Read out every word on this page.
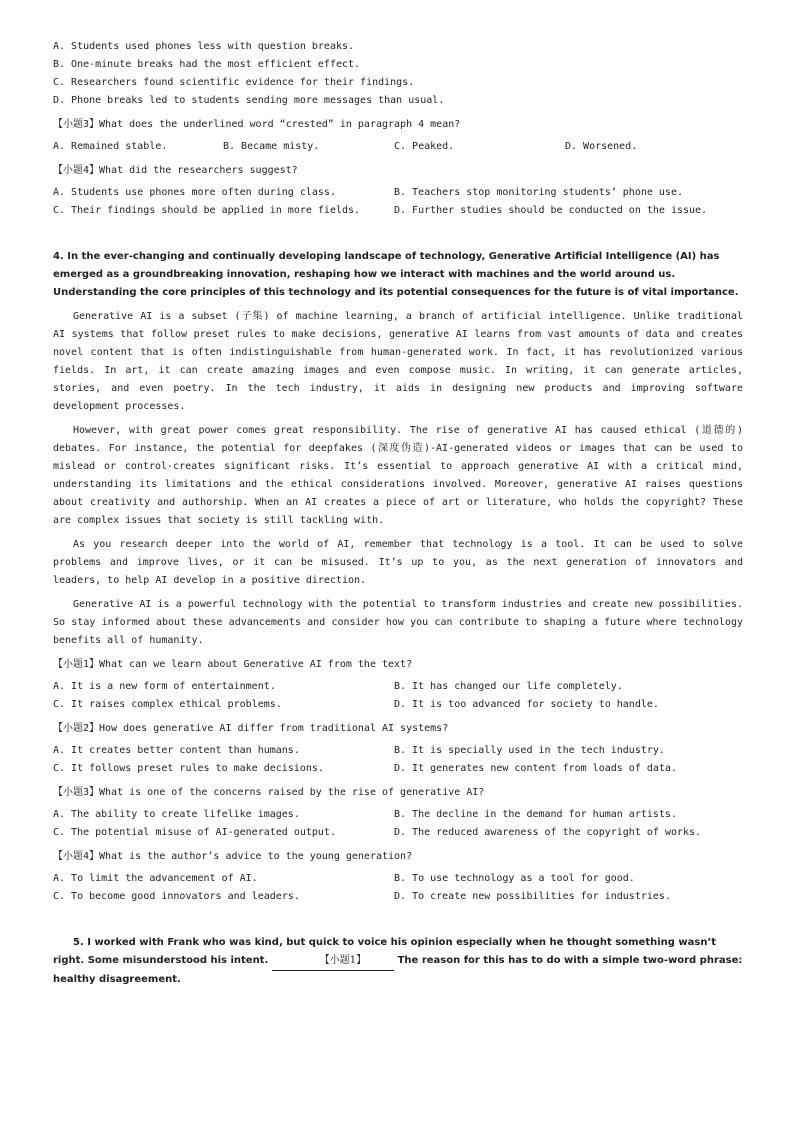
A. Students used phones less with question breaks.
B. One-minute breaks had the most efficient effect.
C. Researchers found scientific evidence for their findings.
D. Phone breaks led to students sending more messages than usual.
【小题3】What does the underlined word “crested” in paragraph 4 mean?
A. Remained stable.	B. Became misty.	C. Peaked.	D. Worsened.
【小题4】What did the researchers suggest?
A. Students use phones more often during class.	B. Teachers stop monitoring students’ phone use.
C. Their findings should be applied in more fields.	D. Further studies should be conducted on the issue.
4. In the ever-changing and continually developing landscape of technology, Generative Artificial Intelligence (AI) has emerged as a groundbreaking innovation, reshaping how we interact with machines and the world around us. Understanding the core principles of this technology and its potential consequences for the future is of vital importance.
Generative AI is a subset (子集) of machine learning, a branch of artificial intelligence. Unlike traditional AI systems that follow preset rules to make decisions, generative AI learns from vast amounts of data and creates novel content that is often indistinguishable from human-generated work. In fact, it has revolutionized various fields. In art, it can create amazing images and even compose music. In writing, it can generate articles, stories, and even poetry. In the tech industry, it aids in designing new products and improving software development processes.
However, with great power comes great responsibility. The rise of generative AI has caused ethical (道德的) debates. For instance, the potential for deepfakes (深度伪造)-AI-generated videos or images that can be used to mislead or control-creates significant risks. It’s essential to approach generative AI with a critical mind, understanding its limitations and the ethical considerations involved. Moreover, generative AI raises questions about creativity and authorship. When an AI creates a piece of art or literature, who holds the copyright? These are complex issues that society is still tackling with.
As you research deeper into the world of AI, remember that technology is a tool. It can be used to solve problems and improve lives, or it can be misused. It’s up to you, as the next generation of innovators and leaders, to help AI develop in a positive direction.
Generative AI is a powerful technology with the potential to transform industries and create new possibilities. So stay informed about these advancements and consider how you can contribute to shaping a future where technology benefits all of humanity.
【小题1】What can we learn about Generative AI from the text?
A. It is a new form of entertainment.	B. It has changed our life completely.
C. It raises complex ethical problems.	D. It is too advanced for society to handle.
【小题2】How does generative AI differ from traditional AI systems?
A. It creates better content than humans.	B. It is specially used in the tech industry.
C. It follows preset rules to make decisions.	D. It generates new content from loads of data.
【小题3】What is one of the concerns raised by the rise of generative AI?
A. The ability to create lifelike images.	B. The decline in the demand for human artists.
C. The potential misuse of AI-generated output.	D. The reduced awareness of the copyright of works.
【小题4】What is the author’s advice to the young generation?
A. To limit the advancement of AI.	B. To use technology as a tool for good.
C. To become good innovators and leaders.	D. To create new possibilities for industries.
5. I worked with Frank who was kind, but quick to voice his opinion especially when he thought something wasn’t right. Some misunderstood his intent.	【小题1】	The reason for this has to do with a simple two-word phrase: healthy disagreement.
